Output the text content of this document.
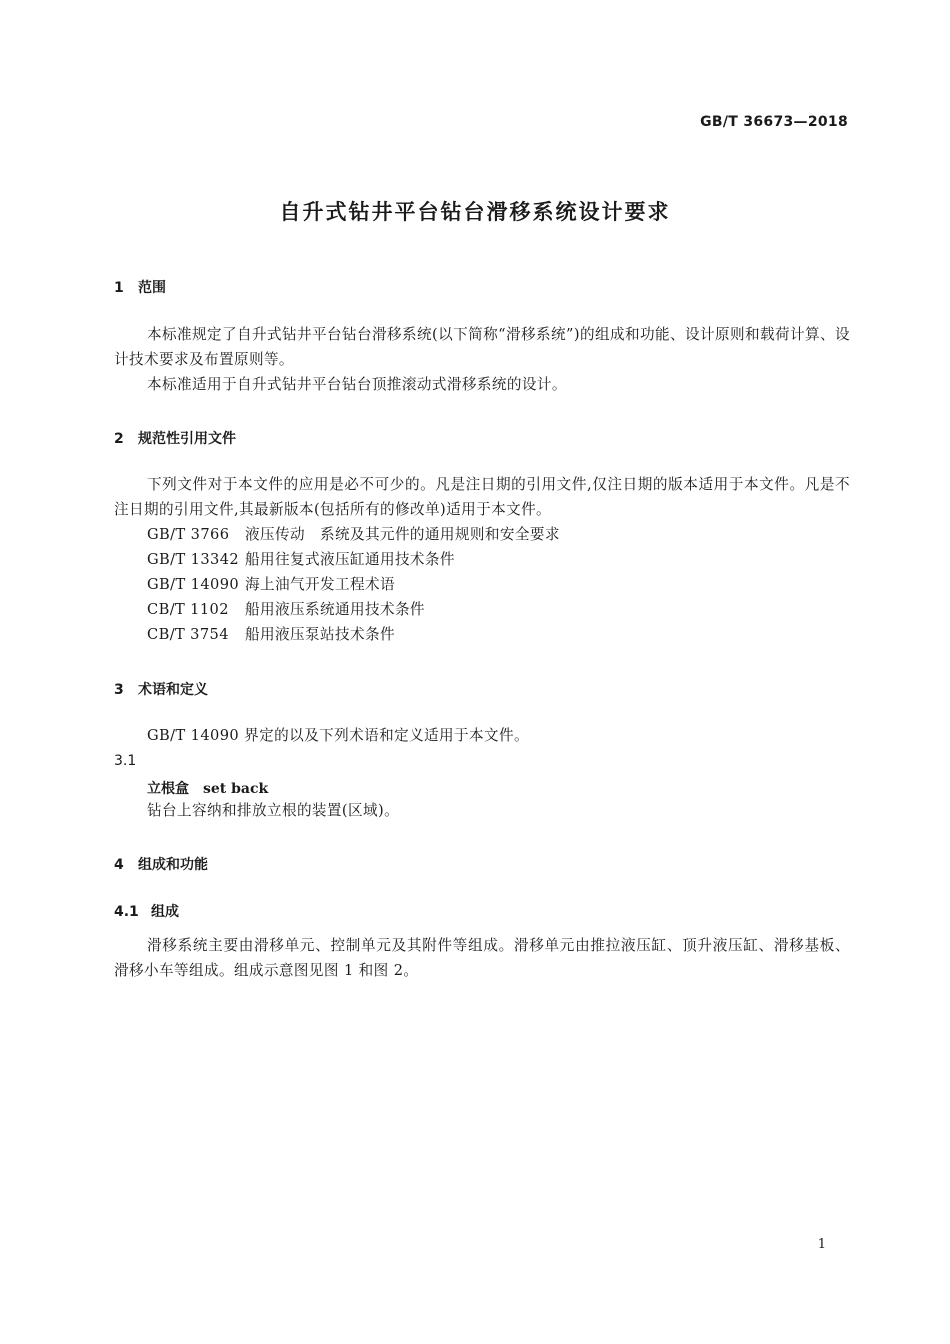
GB/T 36673—2018
自升式钻井平台钻台滑移系统设计要求
1 范围
本标准规定了自升式钻井平台钻台滑移系统(以下简称“滑移系统”)的组成和功能、设计原则和载荷计算、设计技术要求及布置原则等。
本标准适用于自升式钻井平台钻台顶推滚动式滑移系统的设计。
2 规范性引用文件
下列文件对于本文件的应用是必不可少的。凡是注日期的引用文件,仅注日期的版本适用于本文件。凡是不注日期的引用文件,其最新版本(包括所有的修改单)适用于本文件。
GB/T 3766 液压传动　系统及其元件的通用规则和安全要求
GB/T 13342 船用往复式液压缸通用技术条件
GB/T 14090 海上油气开发工程术语
CB/T 1102 船用液压系统通用技术条件
CB/T 3754 船用液压泵站技术条件
3 术语和定义
GB/T 14090 界定的以及下列术语和定义适用于本文件。
3.1
立根盒 set back
钻台上容纳和排放立根的装置(区域)。
4 组成和功能
4.1 组成
滑移系统主要由滑移单元、控制单元及其附件等组成。滑移单元由推拉液压缸、顶升液压缸、滑移基板、滑移小车等组成。组成示意图见图 1 和图 2。
1
